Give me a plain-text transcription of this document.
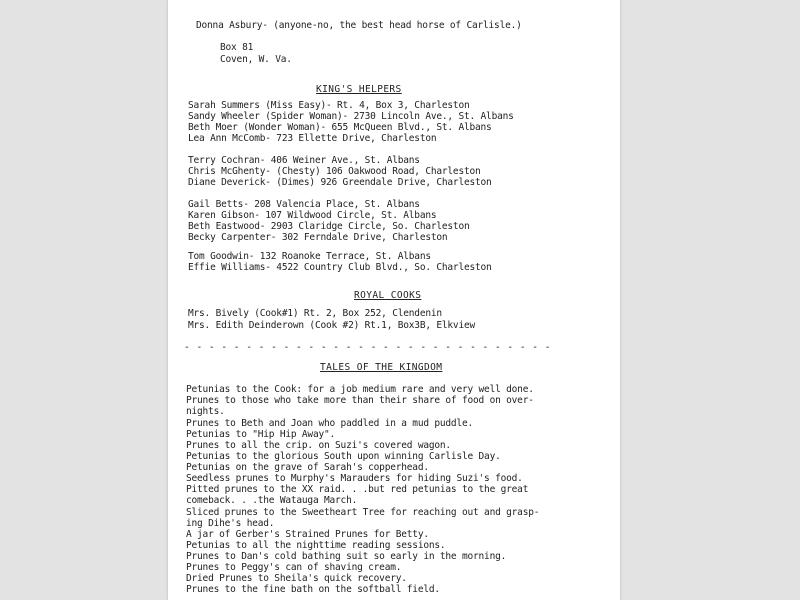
Donna Asbury- (anyone-no, the best head horse of Carlisle.)
Box 81
Coven, W. Va.
KING'S HELPERS
Sarah Summers (Miss Easy)- Rt. 4, Box 3, Charleston
Sandy Wheeler (Spider Woman)- 2730 Lincoln Ave., St. Albans
Beth Moer (Wonder Woman)- 655 McQueen Blvd., St. Albans
Lea Ann McComb- 723 Ellette Drive, Charleston
Terry Cochran- 406 Weiner Ave., St. Albans
Chris McGhenty- (Chesty) 106 Oakwood Road, Charleston
Diane Deverick- (Dimes) 926 Greendale Drive, Charleston
Gail Betts- 208 Valencia Place, St. Albans
Karen Gibson- 107 Wildwood Circle, St. Albans
Beth Eastwood- 2903 Claridge Circle, So. Charleston
Becky Carpenter- 302 Ferndale Drive, Charleston
Tom Goodwin- 132 Roanoke Terrace, St. Albans
Effie Williams- 4522 Country Club Blvd., So. Charleston
ROYAL COOKS
Mrs. Bively (Cook#1) Rt. 2, Box 252, Clendenin
Mrs. Edith Deinderown (Cook #2) Rt.1, Box3B, Elkview
- - - - - - - - - - - - - - - - - - - - - - - - - - - - - -
TALES OF THE KINGDOM
Petunias to the Cook: for a job medium rare and very well done.
Prunes to those who take more than their share of food on over-
nights.
Prunes to Beth and Joan who paddled in a mud puddle.
Petunias to "Hip Hip Away".
Prunes to all the crip. on Suzi's covered wagon.
Petunias to the glorious South upon winning Carlisle Day.
Petunias on the grave of Sarah's copperhead.
Seedless prunes to Murphy's Marauders for hiding Suzi's food.
Pitted prunes to the XX raid. . .but red petunias to the great
comeback. . .the Watauga March.
Sliced prunes to the Sweetheart Tree for reaching out and grasp-
ing Dihe's head.
A jar of Gerber's Strained Prunes for Betty.
Petunias to all the nighttime reading sessions.
Prunes to Dan's cold bathing suit so early in the morning.
Prunes to Peggy's can of shaving cream.
Dried Prunes to Sheila's quick recovery.
Prunes to the fine bath on the softball field.
